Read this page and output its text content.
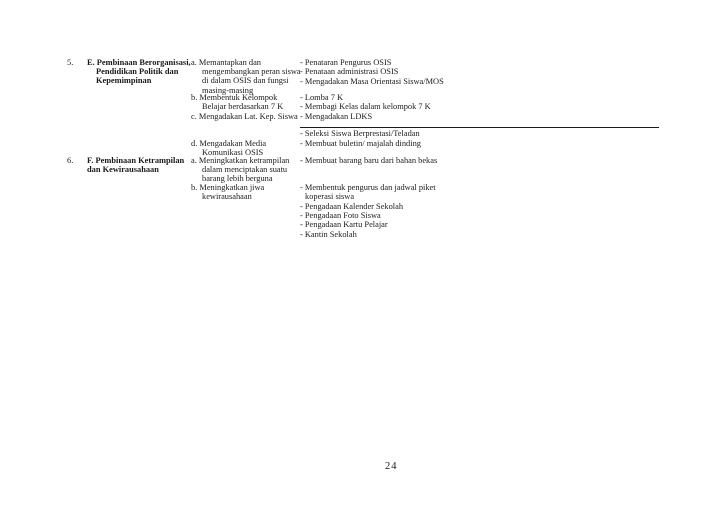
5. E. Pembinaan Berorganisasi,
Pendidikan Politik dan
Kepemimpinan
a. Memantapkan dan
mengembangkan peran siswa
di dalam OSIS dan fungsi
masing-masing
b. Membentuk Kelompok
Belajar berdasarkan 7 K
c. Mengadakan Lat. Kep. Siswa
d. Mengadakan Media
Komunikasi OSIS
- Penataran Pengurus OSIS
- Penataan administrasi OSIS
- Mengadakan Masa Orientasi Siswa/MOS
- Lomba 7 K
- Membagi Kelas dalam kelompok 7 K
- Mengadakan LDKS
- Seleksi Siswa Berprestasi/Teladan
- Membuat buletin/ majalah dinding
6. F. Pembinaan Ketrampilan
dan Kewirausahaan
a. Meningkatkan ketrampilan
dalam menciptakan suatu
barang lebih berguna
b. Meningkatkan jiwa
kewirausahaan
- Membuat barang baru dari bahan bekas
- Membentuk pengurus dan jadwal piket
koperasi siswa
- Pengadaan Kalender Sekolah
- Pengadaan Foto Siswa
- Pengadaan Kartu Pelajar
- Kantin Sekolah
24
